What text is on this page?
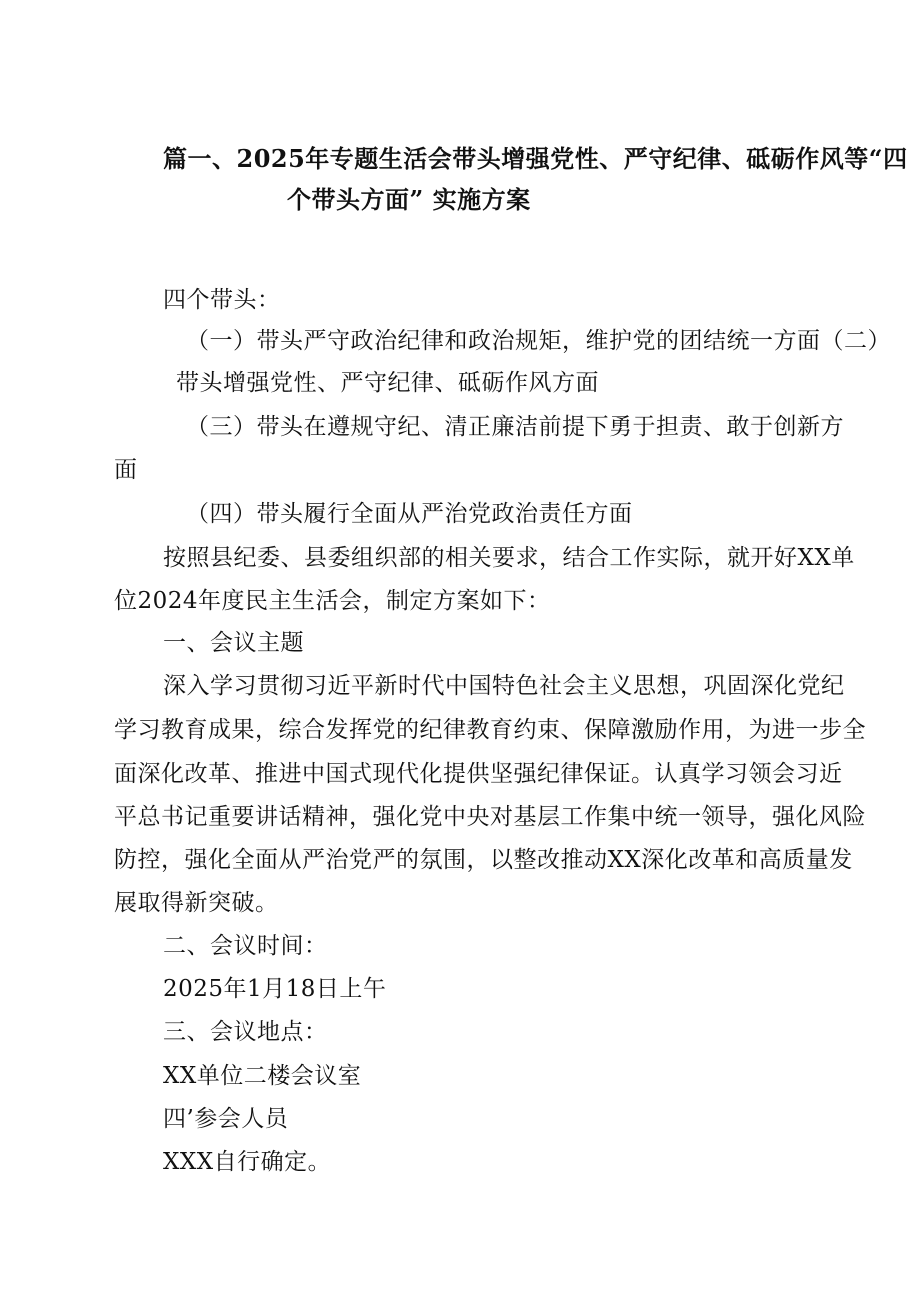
篇一、2025年专题生活会带头增强党性、严守纪律、砥砺作风等“四
个带头方面” 实施方案
四个带头：
（一）带头严守政治纪律和政治规矩，维护党的团结统一方面（二）
带头增强党性、严守纪律、砥砺作风方面
（三）带头在遵规守纪、清正廉洁前提下勇于担责、敢于创新方
面
（四）带头履行全面从严治党政治责任方面
按照县纪委、县委组织部的相关要求，结合工作实际，就开好XX单
位2024年度民主生活会，制定方案如下：
一、会议主题
深入学习贯彻习近平新时代中国特色社会主义思想，巩固深化党纪
学习教育成果，综合发挥党的纪律教育约束、保障激励作用，为进一步全
面深化改革、推进中国式现代化提供坚强纪律保证。认真学习领会习近
平总书记重要讲话精神，强化党中央对基层工作集中统一领导，强化风险
防控，强化全面从严治党严的氛围，以整改推动XX深化改革和高质量发
展取得新突破。
二、会议时间：
2025年1月18日上午
三、会议地点：
XX单位二楼会议室
四’参会人员
XXX自行确定。
